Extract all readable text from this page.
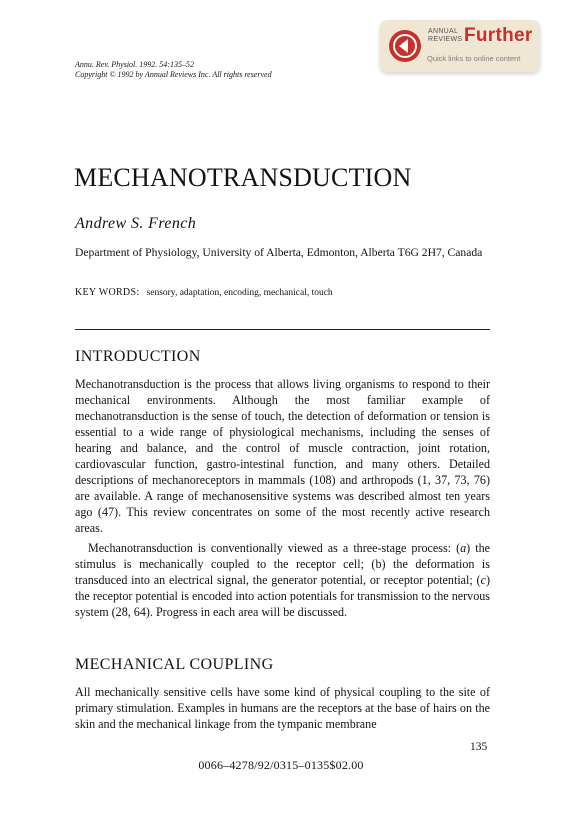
ANNUAL
REVIEWS Further
Quick links to online content
Annu. Rev. Physiol. 1992. 54:135–52
Copyright © 1992 by Annual Reviews Inc. All rights reserved
MECHANOTRANSDUCTION
Andrew S. French
Department of Physiology, University of Alberta, Edmonton, Alberta T6G 2H7, Canada
KEY WORDS: sensory, adaptation, encoding, mechanical, touch
INTRODUCTION
Mechanotransduction is the process that allows living organisms to respond to their mechanical environments. Although the most familiar example of mechanotransduction is the sense of touch, the detection of deformation or tension is essential to a wide range of physiological mechanisms, including the senses of hearing and balance, and the control of muscle contraction, joint rotation, cardiovascular function, gastro-intestinal function, and many others. Detailed descriptions of mechanoreceptors in mammals (108) and arthropods (1, 37, 73, 76) are available. A range of mechanosensitive systems was described almost ten years ago (47). This review concentrates on some of the most recently active research areas.
Mechanotransduction is conventionally viewed as a three-stage process: (a) the stimulus is mechanically coupled to the receptor cell; (b) the deformation is transduced into an electrical signal, the generator potential, or receptor potential; (c) the receptor potential is encoded into action potentials for transmission to the nervous system (28, 64). Progress in each area will be discussed.
MECHANICAL COUPLING
All mechanically sensitive cells have some kind of physical coupling to the site of primary stimulation. Examples in humans are the receptors at the base of hairs on the skin and the mechanical linkage from the tympanic membrane
135
0066–4278/92/0315–0135$02.00
